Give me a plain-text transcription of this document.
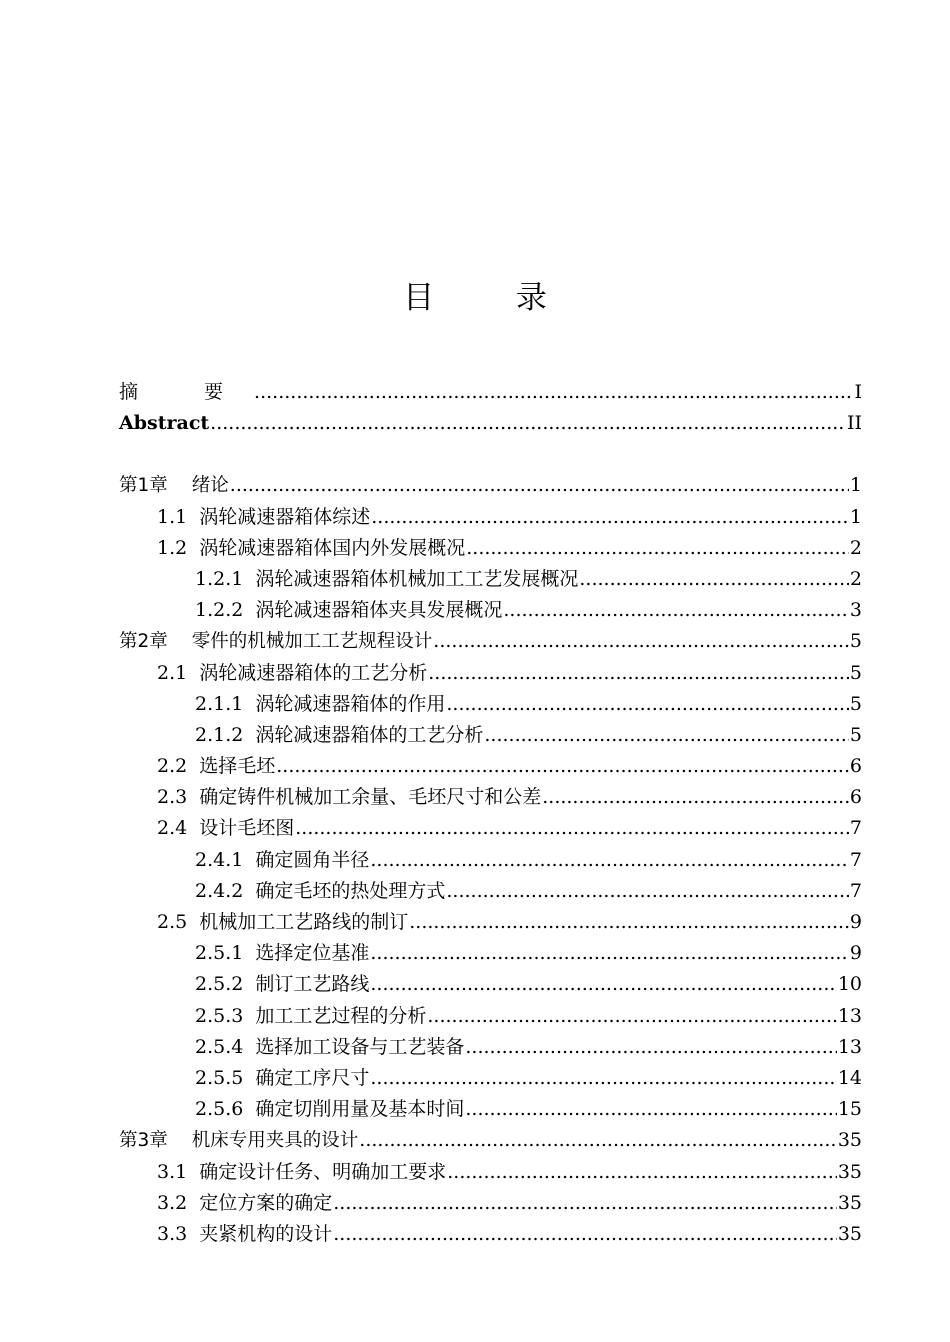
目 录
摘 要 .....	I
Abstract .....	II
第1章 绪论 .....	1
1.1 涡轮减速器箱体综述 .....	1
1.2 涡轮减速器箱体国内外发展概况 .....	2
1.2.1 涡轮减速器箱体机械加工工艺发展概况 .....	2
1.2.2 涡轮减速器箱体夹具发展概况 .....	3
第2章 零件的机械加工工艺规程设计 .....	5
2.1 涡轮减速器箱体的工艺分析 .....	5
2.1.1 涡轮减速器箱体的作用 .....	5
2.1.2 涡轮减速器箱体的工艺分析 .....	5
2.2 选择毛坯 .....	6
2.3 确定铸件机械加工余量、毛坯尺寸和公差 .....	6
2.4 设计毛坯图 .....	7
2.4.1 确定圆角半径 .....	7
2.4.2 确定毛坯的热处理方式 .....	7
2.5 机械加工工艺路线的制订 .....	9
2.5.1 选择定位基准 .....	9
2.5.2 制订工艺路线 .....	10
2.5.3 加工工艺过程的分析 .....	13
2.5.4 选择加工设备与工艺装备 .....	13
2.5.5 确定工序尺寸 .....	14
2.5.6 确定切削用量及基本时间 .....	15
第3章 机床专用夹具的设计 .....	35
3.1 确定设计任务、明确加工要求 .....	35
3.2 定位方案的确定 .....	35
3.3 夹紧机构的设计 .....	35
